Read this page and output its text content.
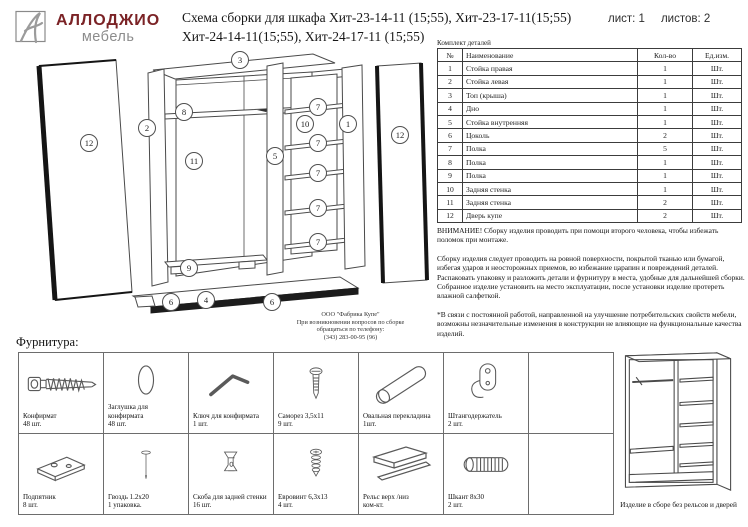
АЛЛОДЖИО
мебель
Схема сборки для шкафа Хит-23-14-11 (15;55), Хит-23-17-11(15;55)
Хит-24-14-11(15;55), Хит-24-17-11 (15;55)
лист: 1 листов: 2
Комплект деталей
№	Наименование	Кол-во	Ед.изм.
1	Стойка правая	1	Шт.
2	Стойка левая	1	Шт.
3	Топ (крыша)	1	Шт.
4	Дно	1	Шт.
5	Стойка внутренняя	1	Шт.
6	Цоколь	2	Шт.
7	Полка	5	Шт.
8	Полка	1	Шт.
9	Полка	1	Шт.
10	Задняя стенка	1	Шт.
11	Задняя стенка	2	Шт.
12	Дверь купе	2	Шт.

ВНИМАНИЕ! Сборку изделия проводить при помощи второго человека, чтобы избежать поломок при монтаже.

Сборку изделия следует проводить на ровной поверхности, покрытой тканью или бумагой, избегая ударов и неосторожных приемов, во избежание царапин и повреждений деталей.

Распаковать упаковку и разложить детали и фурнитуру в места, удобные для дальнейшей сборки.

Собранное изделие установить на место эксплуатации, после установки изделие протереть влажной салфеткой.

*В связи с постоянной работой, направленной на улучшение потребительских свойств мебели, возможны незначительные изменения в конструкции не влияющие на функциональные качества изделий.

3
12
2
8
11	5
10
7
7
7
7
7
1
12
9
6	4	6
ООО "Фабрика Купе"
При возникновении вопросов по сборке
обращаться по телефону:
(343) 283-00-95 (96)
Фурнитура:
Конфирмат
48 шт.
Заглушка для конфирмата
48 шт.
Ключ для конфирмата
1 шт.
Саморез 3,5х11
9 шт.
Овальная перекладина
1шт.
Штангодержатель
2 шт.
Подпятник
8 шт.
Гвоздь 1.2х20
1 упаковка.
Скоба для задней стенки
16 шт.
Евровинт 6,3х13
4 шт.
Рельс верх /низ
ком-кт.
Шкант 8х30
2 шт.	Изделие в сборе без рельсов и дверей
